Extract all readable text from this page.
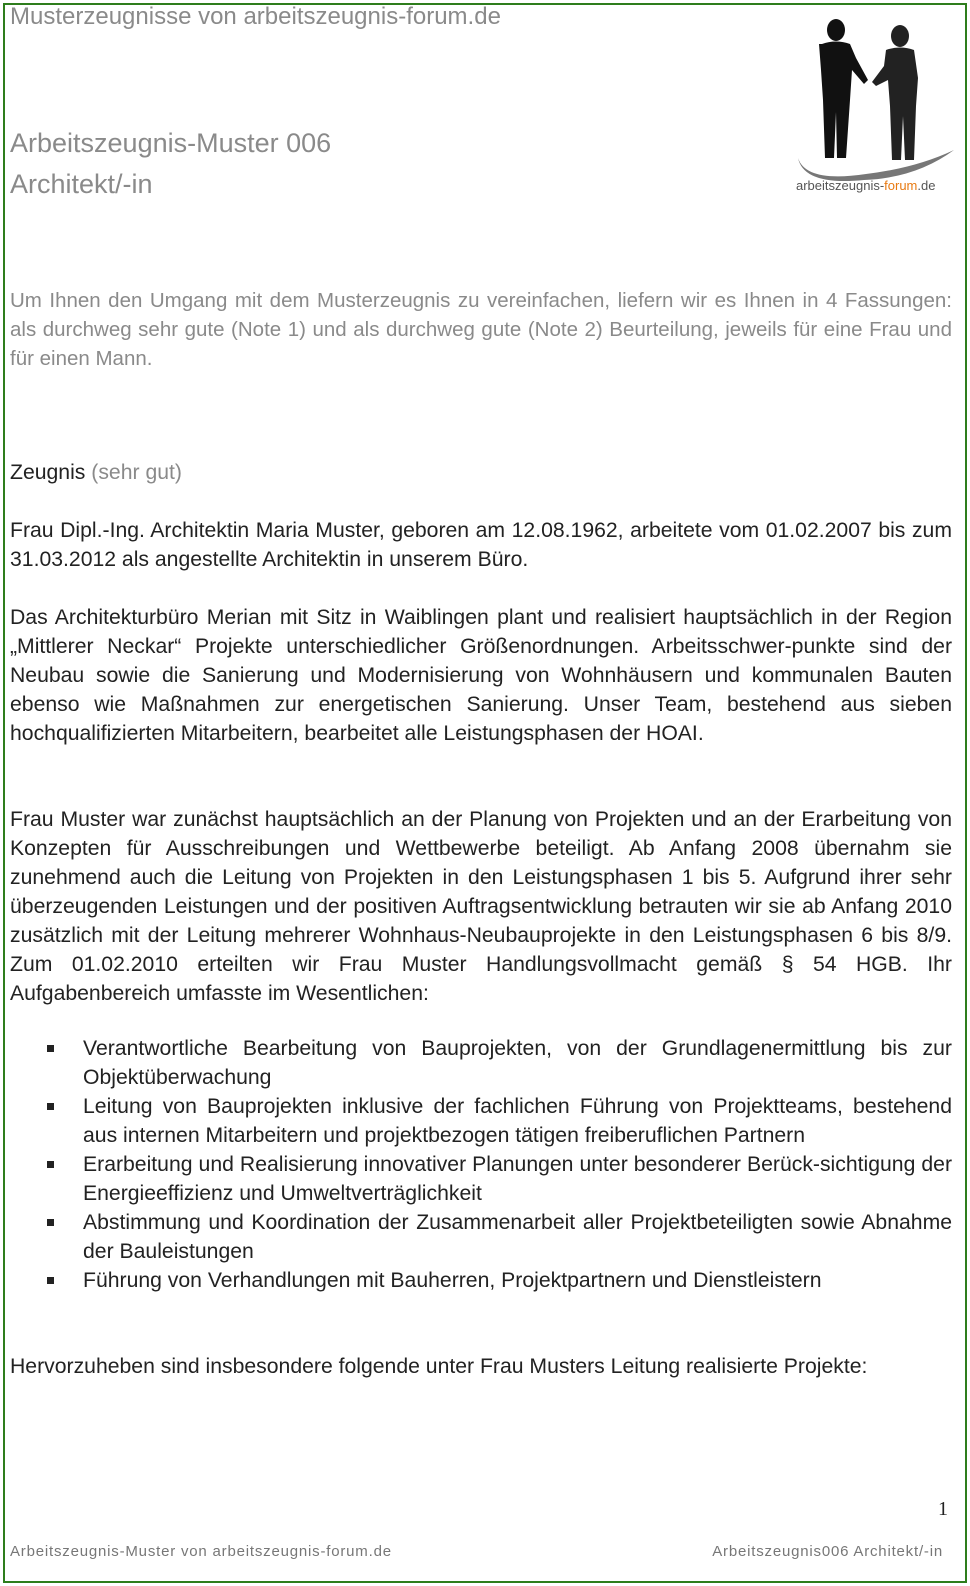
Musterzeugnisse von arbeitszeugnis-forum.de
Arbeitszeugnis-Muster 006
Architekt/-in	arbeitszeugnis-forum.de
Um Ihnen den Umgang mit dem Musterzeugnis zu vereinfachen, liefern wir es Ihnen in 4 Fassungen: als durchweg sehr gute (Note 1) und als durchweg gute (Note 2) Beurteilung, jeweils für eine Frau und für einen Mann.
Zeugnis (sehr gut)
Frau Dipl.-Ing. Architektin Maria Muster, geboren am 12.08.1962, arbeitete vom 01.02.2007 bis zum 31.03.2012 als angestellte Architektin in unserem Büro.
Das Architekturbüro Merian mit Sitz in Waiblingen plant und realisiert hauptsächlich in der Region „Mittlerer Neckar“ Projekte unterschiedlicher Größenordnungen. Arbeitsschwer-punkte sind der Neubau sowie die Sanierung und Modernisierung von Wohnhäusern und kommunalen Bauten ebenso wie Maßnahmen zur energetischen Sanierung. Unser Team, bestehend aus sieben hochqualifizierten Mitarbeitern, bearbeitet alle Leistungsphasen der HOAI.
Frau Muster war zunächst hauptsächlich an der Planung von Projekten und an der Erarbeitung von Konzepten für Ausschreibungen und Wettbewerbe beteiligt. Ab Anfang 2008 übernahm sie zunehmend auch die Leitung von Projekten in den Leistungsphasen 1 bis 5. Aufgrund ihrer sehr überzeugenden Leistungen und der positiven Auftragsentwicklung betrauten wir sie ab Anfang 2010 zusätzlich mit der Leitung mehrerer Wohnhaus-Neubauprojekte in den Leistungsphasen 6 bis 8/9. Zum 01.02.2010 erteilten wir Frau Muster Handlungsvollmacht gemäß § 54 HGB. Ihr Aufgabenbereich umfasste im Wesentlichen:
Verantwortliche Bearbeitung von Bauprojekten, von der Grundlagenermittlung bis zur Objektüberwachung
Leitung von Bauprojekten inklusive der fachlichen Führung von Projektteams, bestehend aus internen Mitarbeitern und projektbezogen tätigen freiberuflichen Partnern
Erarbeitung und Realisierung innovativer Planungen unter besonderer Berück-sichtigung der Energieeffizienz und Umweltverträglichkeit
Abstimmung und Koordination der Zusammenarbeit aller Projektbeteiligten sowie Abnahme der Bauleistungen
Führung von Verhandlungen mit Bauherren, Projektpartnern und Dienstleistern
Hervorzuheben sind insbesondere folgende unter Frau Musters Leitung realisierte Projekte:
1
Arbeitszeugnis-Muster von arbeitszeugnis-forum.de	Arbeitszeugnis006 Architekt/-in
